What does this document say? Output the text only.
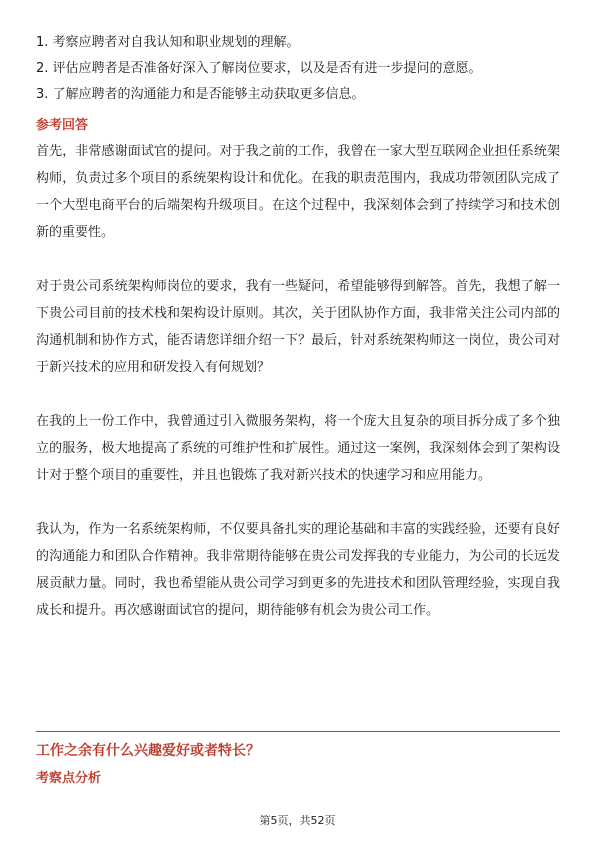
1. 考察应聘者对自我认知和职业规划的理解。
2. 评估应聘者是否准备好深入了解岗位要求，以及是否有进一步提问的意愿。
3. 了解应聘者的沟通能力和是否能够主动获取更多信息。
参考回答

首先，非常感谢面试官的提问。对于我之前的工作，我曾在一家大型互联网企业担任系统架构师，负责过多个项目的系统架构设计和优化。在我的职责范围内，我成功带领团队完成了一个大型电商平台的后端架构升级项目。在这个过程中，我深刻体会到了持续学习和技术创新的重要性。

对于贵公司系统架构师岗位的要求，我有一些疑问，希望能够得到解答。首先，我想了解一下贵公司目前的技术栈和架构设计原则。其次，关于团队协作方面，我非常关注公司内部的沟通机制和协作方式，能否请您详细介绍一下？最后，针对系统架构师这一岗位，贵公司对于新兴技术的应用和研发投入有何规划？

在我的上一份工作中，我曾通过引入微服务架构，将一个庞大且复杂的项目拆分成了多个独立的服务，极大地提高了系统的可维护性和扩展性。通过这一案例，我深刻体会到了架构设计对于整个项目的重要性，并且也锻炼了我对新兴技术的快速学习和应用能力。

我认为，作为一名系统架构师，不仅要具备扎实的理论基础和丰富的实践经验，还要有良好的沟通能力和团队合作精神。我非常期待能够在贵公司发挥我的专业能力，为公司的长远发展贡献力量。同时，我也希望能从贵公司学习到更多的先进技术和团队管理经验，实现自我成长和提升。再次感谢面试官的提问，期待能够有机会为贵公司工作。

工作之余有什么兴趣爱好或者特长？
考察点分析
第5页，共52页
